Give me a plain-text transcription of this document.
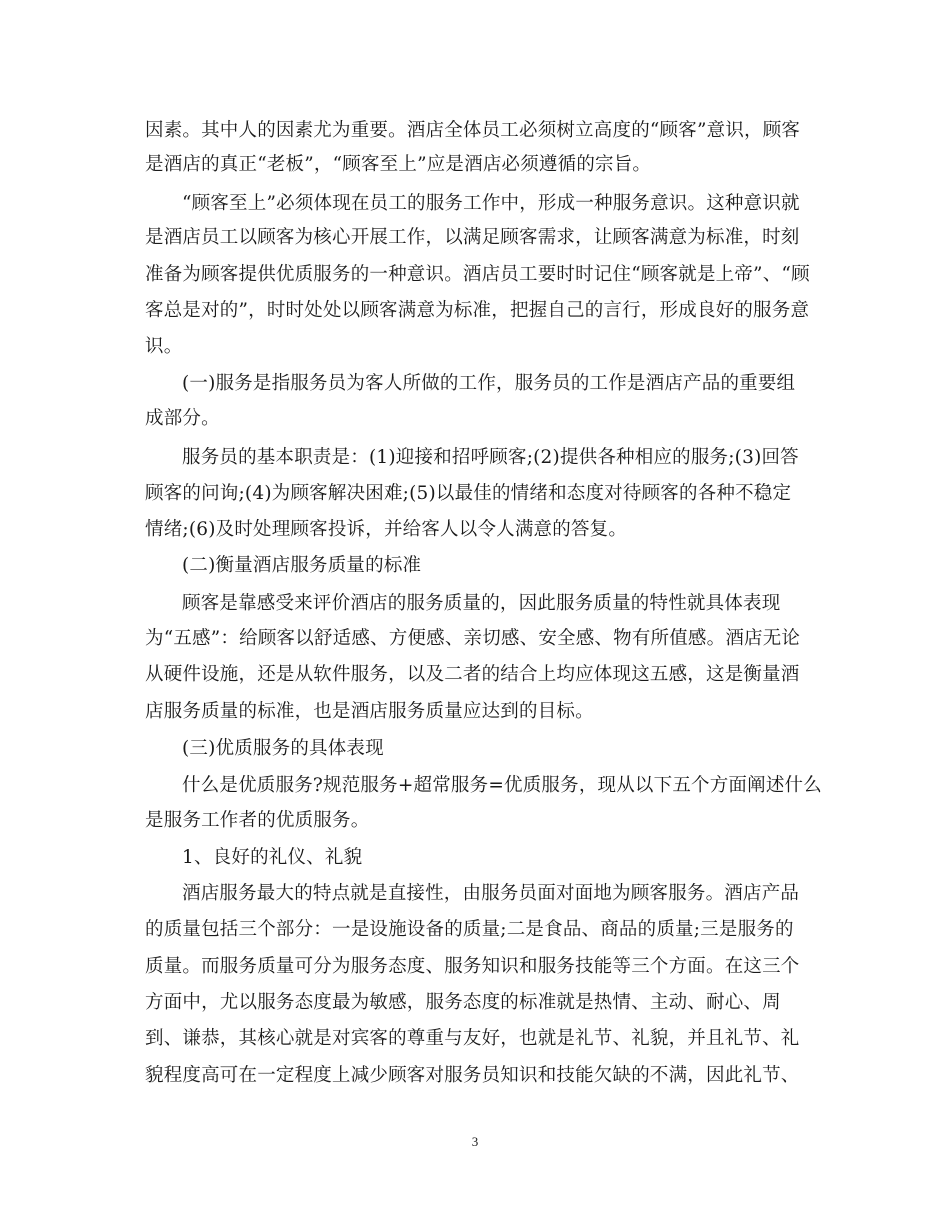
因素。其中人的因素尤为重要。酒店全体员工必须树立高度的“顾客”意识，顾客
是酒店的真正“老板”，“顾客至上”应是酒店必须遵循的宗旨。
“顾客至上”必须体现在员工的服务工作中，形成一种服务意识。这种意识就
是酒店员工以顾客为核心开展工作，以满足顾客需求，让顾客满意为标准，时刻
准备为顾客提供优质服务的一种意识。酒店员工要时时记住“顾客就是上帝”、“顾
客总是对的”，时时处处以顾客满意为标准，把握自己的言行，形成良好的服务意
识。
(一)服务是指服务员为客人所做的工作，服务员的工作是酒店产品的重要组
成部分。
服务员的基本职责是：(1)迎接和招呼顾客;(2)提供各种相应的服务;(3)回答
顾客的问询;(4)为顾客解决困难;(5)以最佳的情绪和态度对待顾客的各种不稳定
情绪;(6)及时处理顾客投诉，并给客人以令人满意的答复。
(二)衡量酒店服务质量的标准
顾客是靠感受来评价酒店的服务质量的，因此服务质量的特性就具体表现
为“五感”：给顾客以舒适感、方便感、亲切感、安全感、物有所值感。酒店无论
从硬件设施，还是从软件服务，以及二者的结合上均应体现这五感，这是衡量酒
店服务质量的标准，也是酒店服务质量应达到的目标。
(三)优质服务的具体表现
什么是优质服务?规范服务+超常服务=优质服务，现从以下五个方面阐述什么
是服务工作者的优质服务。
1、良好的礼仪、礼貌
酒店服务最大的特点就是直接性，由服务员面对面地为顾客服务。酒店产品
的质量包括三个部分：一是设施设备的质量;二是食品、商品的质量;三是服务的
质量。而服务质量可分为服务态度、服务知识和服务技能等三个方面。在这三个
方面中，尤以服务态度最为敏感，服务态度的标准就是热情、主动、耐心、周
到、谦恭，其核心就是对宾客的尊重与友好，也就是礼节、礼貌，并且礼节、礼
貌程度高可在一定程度上减少顾客对服务员知识和技能欠缺的不满，因此礼节、
3
